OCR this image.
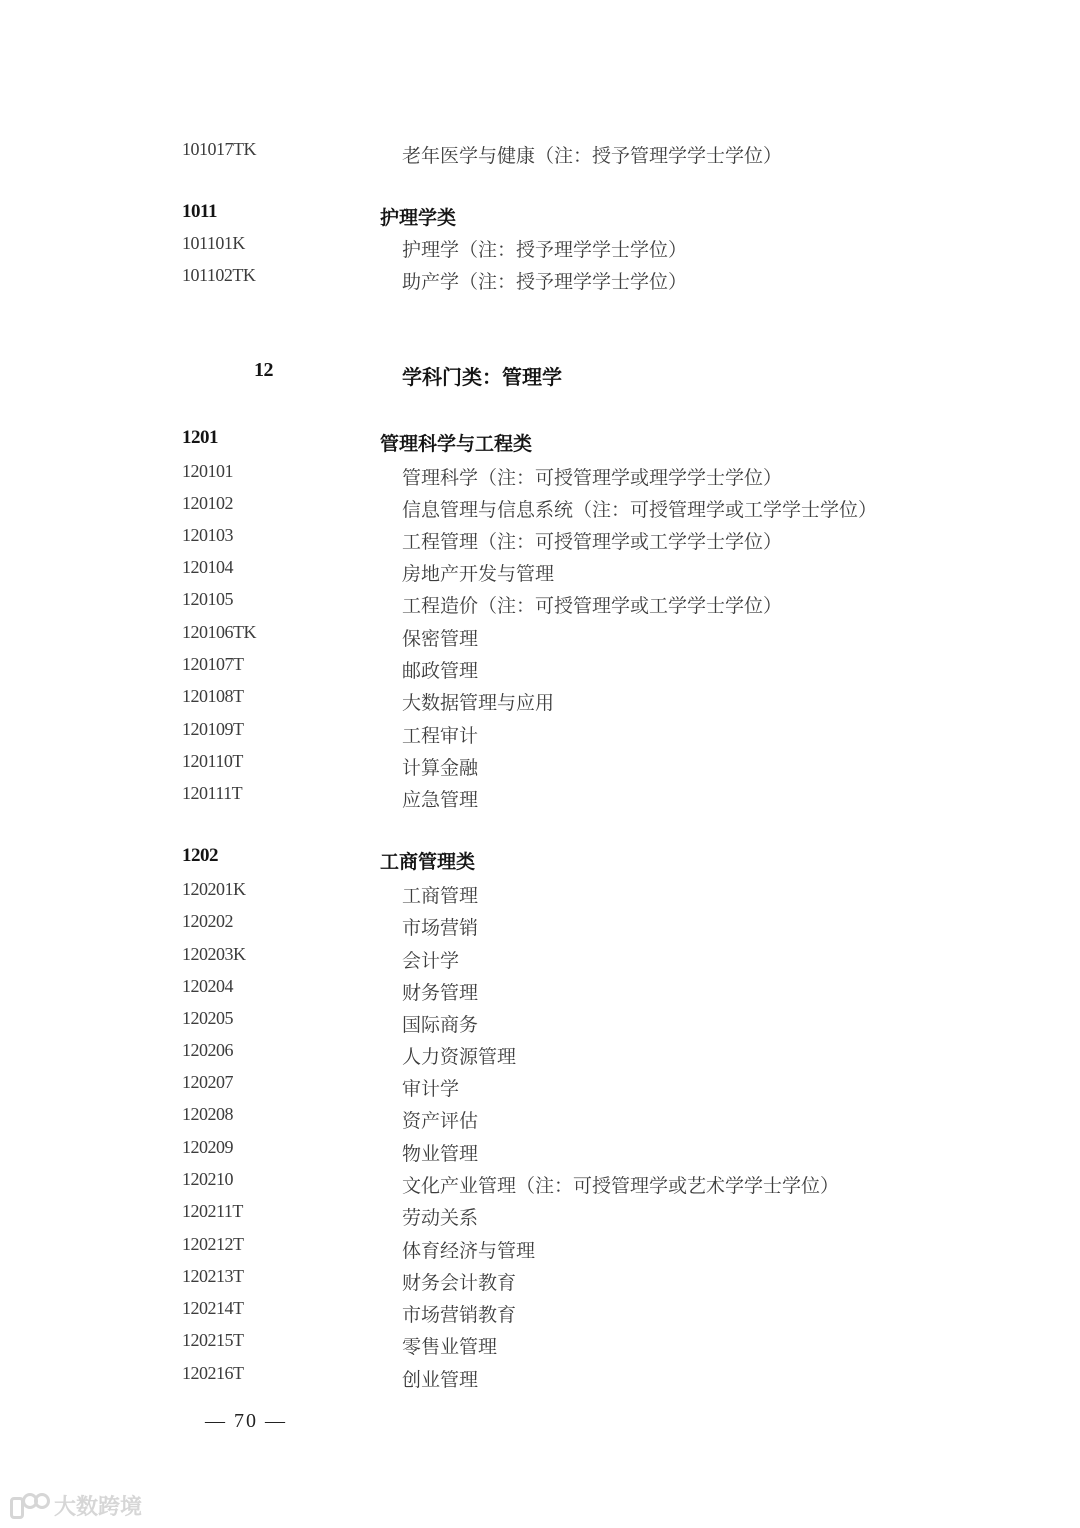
101017TK	老年医学与健康（注：授予管理学学士学位）
1011	护理学类
101101K	护理学（注：授予理学学士学位）
101102TK	助产学（注：授予理学学士学位）
12	学科门类：管理学
1201	管理科学与工程类
120101	管理科学（注：可授管理学或理学学士学位）
120102	信息管理与信息系统（注：可授管理学或工学学士学位）
120103	工程管理（注：可授管理学或工学学士学位）
120104	房地产开发与管理
120105	工程造价（注：可授管理学或工学学士学位）
120106TK	保密管理
120107T	邮政管理
120108T	大数据管理与应用
120109T	工程审计
120110T	计算金融
120111T	应急管理
1202	工商管理类
120201K	工商管理
120202	市场营销
120203K	会计学
120204	财务管理
120205	国际商务
120206	人力资源管理
120207	审计学
120208	资产评估
120209	物业管理
120210	文化产业管理（注：可授管理学或艺术学学士学位）
120211T	劳动关系
120212T	体育经济与管理
120213T	财务会计教育
120214T	市场营销教育
120215T	零售业管理
120216T	创业管理
— 70 —
大数跨境
